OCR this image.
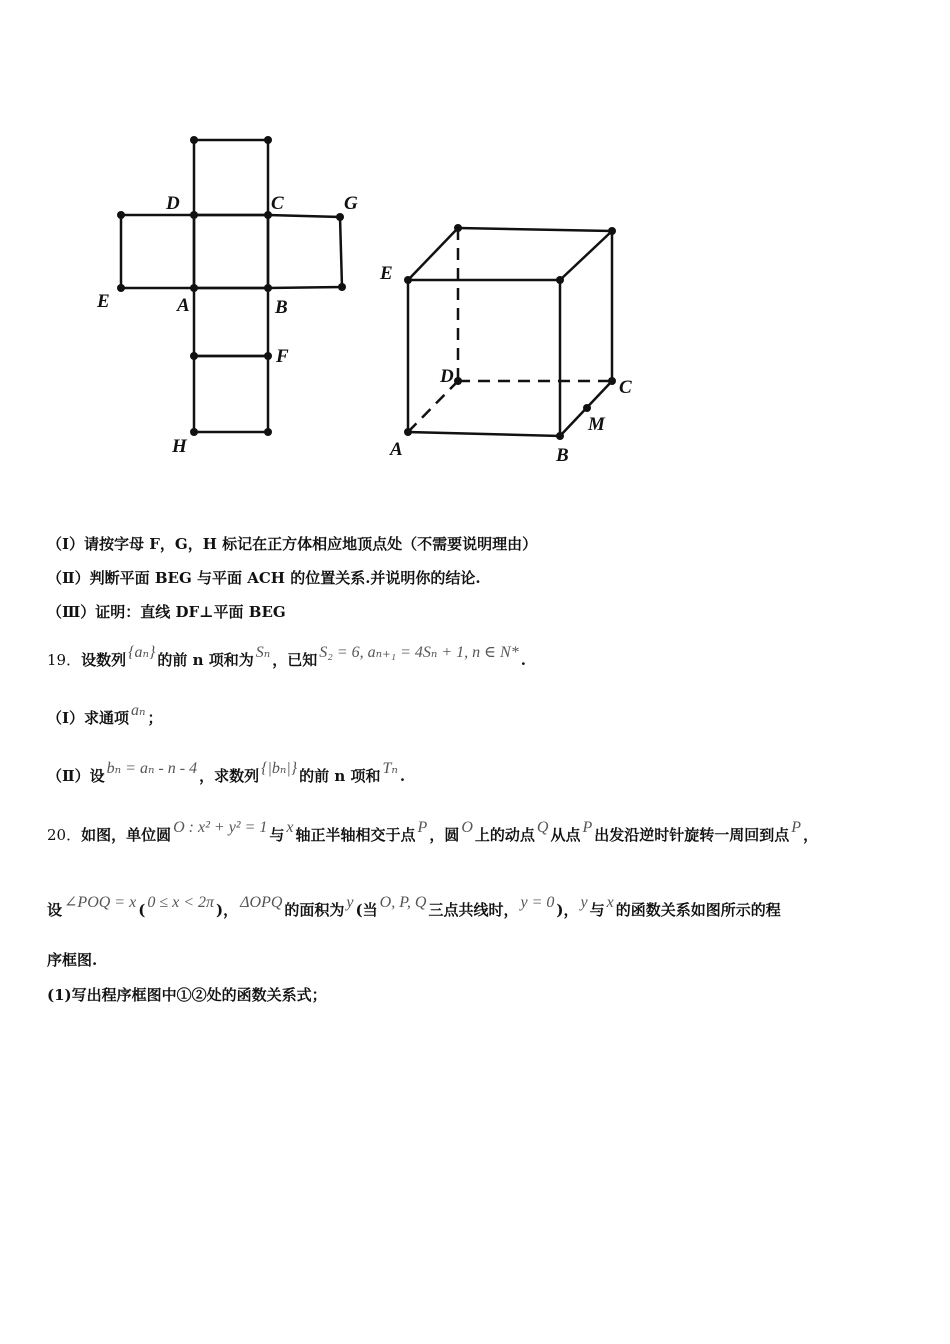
D	C	G
E	A	B
F
H
E
D
C
M
A	B
（Ⅰ）请按字母 F，G，H 标记在正方体相应地顶点处（不需要说明理由）
（Ⅱ）判断平面 BEG 与平面 ACH 的位置关系.并说明你的结论.
（Ⅲ）证明：直线 DF⊥平面 BEG
19．设数列 {aₙ} 的前 n 项和为 Sₙ ，已知 S₂ = 6, aₙ₊₁ = 4Sₙ + 1, n ∈ N* .
（Ⅰ）求通项 aₙ ；
（Ⅱ）设 bₙ = aₙ - n - 4 ，求数列 {|bₙ|} 的前 n 项和 Tₙ .
20．如图，单位圆 O : x² + y² = 1 与 x 轴正半轴相交于点 P ，圆 O 上的动点 Q 从点 P 出发沿逆时针旋转一周回到点 P ，
设 ∠POQ = x ( 0 ≤ x < 2π )， ΔOPQ 的面积为 y (当 O, P, Q 三点共线时， y = 0 )， y 与 x 的函数关系如图所示的程
序框图.
(1)写出程序框图中①②处的函数关系式；
